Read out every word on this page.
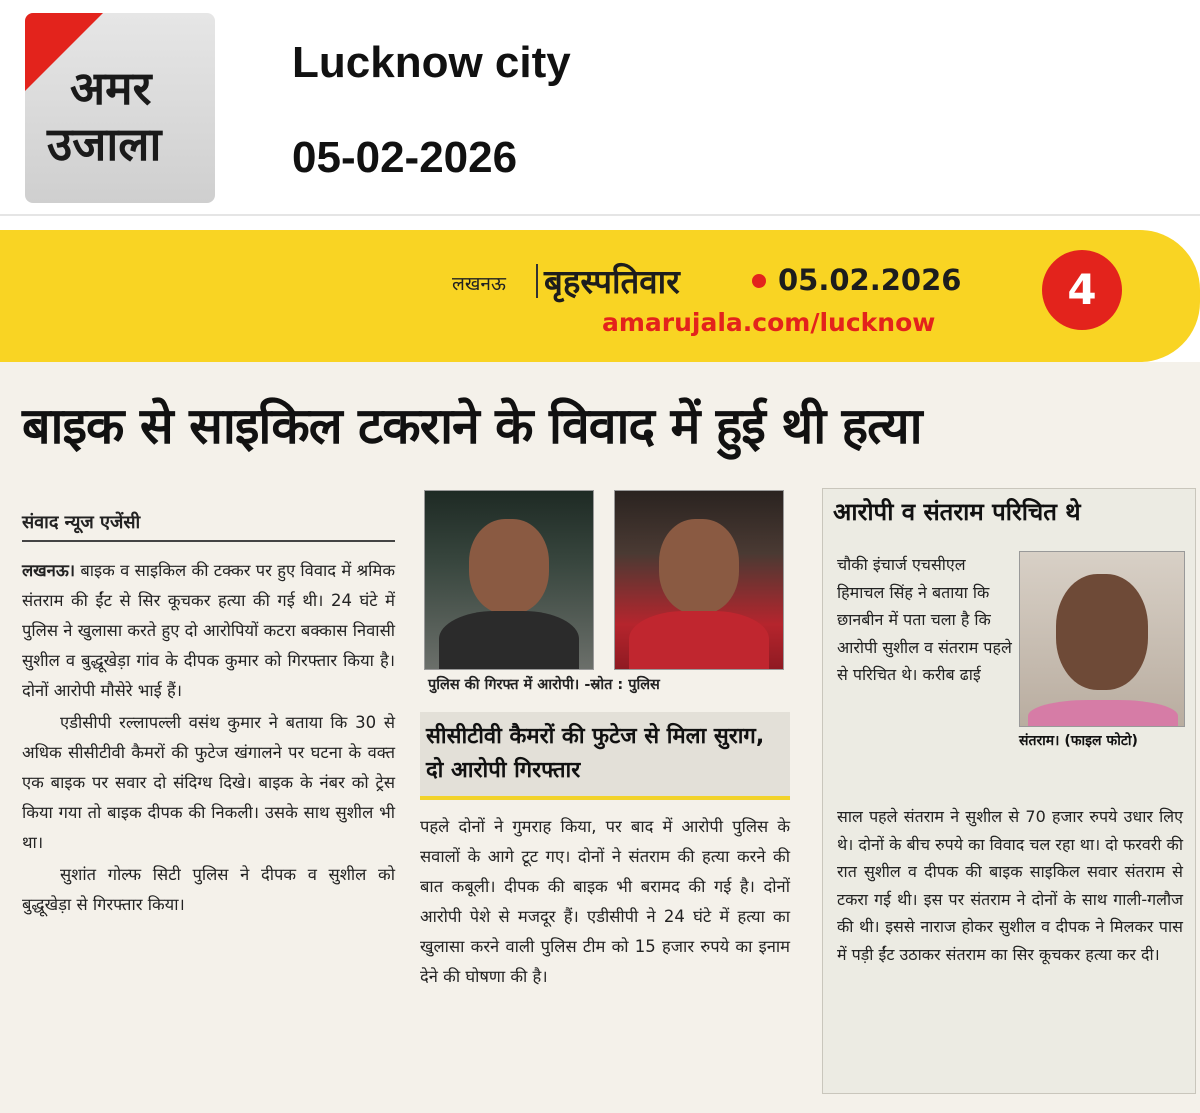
अमर
उजाला
Lucknow city
05-02-2026
लखनऊ बृहस्पतिवार	05.02.2026
amarujala.com/lucknow
4
बाइक से साइकिल टकराने के विवाद में हुई थी हत्या
संवाद न्यूज एजेंसी

लखनऊ। बाइक व साइकिल की टक्कर पर हुए विवाद में श्रमिक संतराम की ईंट से सिर कूचकर हत्या की गई थी। 24 घंटे में पुलिस ने खुलासा करते हुए दो आरोपियों कटरा बक्कास निवासी सुशील व बुद्धूखेड़ा गांव के दीपक कुमार को गिरफ्तार किया है। दोनों आरोपी मौसेरे भाई हैं।

एडीसीपी रल्लापल्ली वसंथ कुमार ने बताया कि 30 से अधिक सीसीटीवी कैमरों की फुटेज खंगालने पर घटना के वक्त एक बाइक पर सवार दो संदिग्ध दिखे। बाइक के नंबर को ट्रेस किया गया तो बाइक दीपक की निकली। उसके साथ सुशील भी था।

सुशांत गोल्फ सिटी पुलिस ने दीपक व सुशील को बुद्धूखेड़ा से गिरफ्तार किया।

पुलिस की गिरफ्त में आरोपी। -स्रोत : पुलिस
सीसीटीवी कैमरों की फुटेज से मिला सुराग, दो आरोपी गिरफ्तार

पहले दोनों ने गुमराह किया, पर बाद में आरोपी पुलिस के सवालों के आगे टूट गए। दोनों ने संतराम की हत्या करने की बात कबूली। दीपक की बाइक भी बरामद की गई है। दोनों आरोपी पेशे से मजदूर हैं। एडीसीपी ने 24 घंटे में हत्या का खुलासा करने वाली पुलिस टीम को 15 हजार रुपये का इनाम देने की घोषणा की है।

आरोपी व संतराम परिचित थे
चौकी इंचार्ज एचसीएल हिमाचल सिंह ने बताया कि छानबीन में पता चला है कि आरोपी सुशील व संतराम पहले से परिचित थे। करीब ढाई
संतराम। (फाइल फोटो)
साल पहले संतराम ने सुशील से 70 हजार रुपये उधार लिए थे। दोनों के बीच रुपये का विवाद चल रहा था। दो फरवरी की रात सुशील व दीपक की बाइक साइकिल सवार संतराम से टकरा गई थी। इस पर संतराम ने दोनों के साथ गाली-गलौज की थी। इससे नाराज होकर सुशील व दीपक ने मिलकर पास में पड़ी ईंट उठाकर संतराम का सिर कूचकर हत्या कर दी।
